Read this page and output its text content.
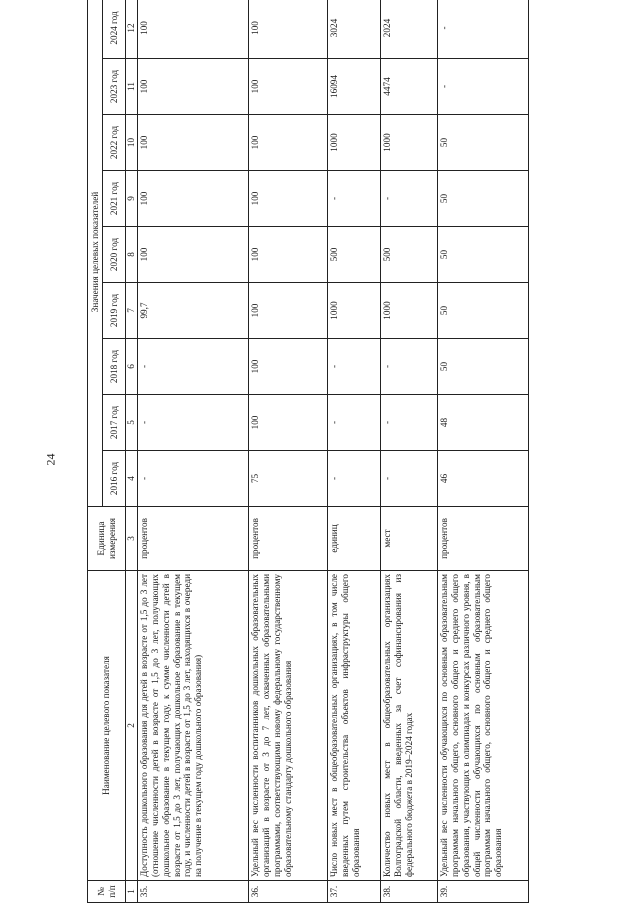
24
№ п/п	Наименование целевого показателя	Единица измерения	Значения целевых показателей								
			2016 год	2017 год	2018 год	2019 год	2020 год	2021 год	2022 год	2023 год	2024 год
1	2	3	4	5	6	7	8	9	10	11	12
35.	Доступность дошкольного образования для детей в возрасте от 1,5 до 3 лет (отношение численности детей в возрасте от 1,5 до 3 лет, получающих дошкольное образование в текущем году, к сумме численности детей в возрасте от 1,5 до 3 лет, получающих дошкольное образование в текущем году, и численности детей в возрасте от 1,5 до 3 лет, находящихся в очереди на получение в текущем году дошкольного образования)	процентов	-	-	-	99,7	100	100	100	100	100
36.	Удельный вес численности воспитанников дошкольных образовательных организаций в возрасте от 3 до 7 лет, охваченных образовательными программами, соответствующими новому федеральному государственному образовательному стандарту дошкольного образования	процентов	75	100	100	100	100	100	100	100	100
37.	Число новых мест в общеобразовательных организациях, в том числе введенных путем строительства объектов инфраструктуры общего образования	единиц	-	-	-	1000	500	-	1000	16094	3024
38.	Количество новых мест в общеобразовательных организациях Волгоградской области, введенных за счет софинансирования из федерального бюджета в 2019–2024 годах	мест	-	-	-	1000	500	-	1000	4474	2024
39.	Удельный вес численности обучающихся по основным образовательным программам начального общего, основного общего и среднего общего образования, участвующих в олимпиадах и конкурсах различного уровня, в общей численности обучающихся по основным образовательным программам начального общего, основного общего и среднего общего образования	процентов	46	48	50	50	50	50	50	-	-
